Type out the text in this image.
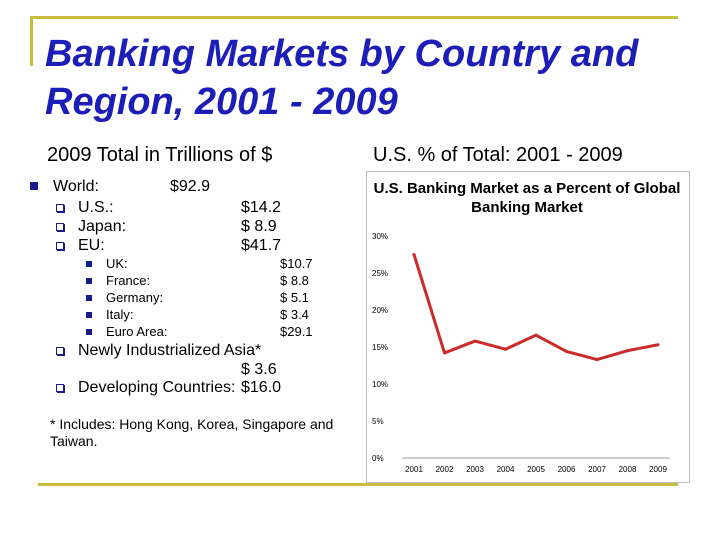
Banking Markets by Country and Region, 2001 - 2009
2009 Total in Trillions of $	U.S. % of Total: 2001 - 2009
World:	$92.9
U.S.:	$14.2
Japan:	$ 8.9
EU:	$41.7
UK:	$10.7
France:	$ 8.8
Germany:	$ 5.1
Italy:	$ 3.4
Euro Area:	$29.1
Newly Industrialized Asia*
$ 3.6
Developing Countries: $16.0
* Includes: Hong Kong, Korea, Singapore and Taiwan.
U.S. Banking Market as a Percent of Global Banking Market
0%
5%
10%
15%
20%
25%
30%
2001 2002 2003 2004 2005 2006 2007 2008 2009
